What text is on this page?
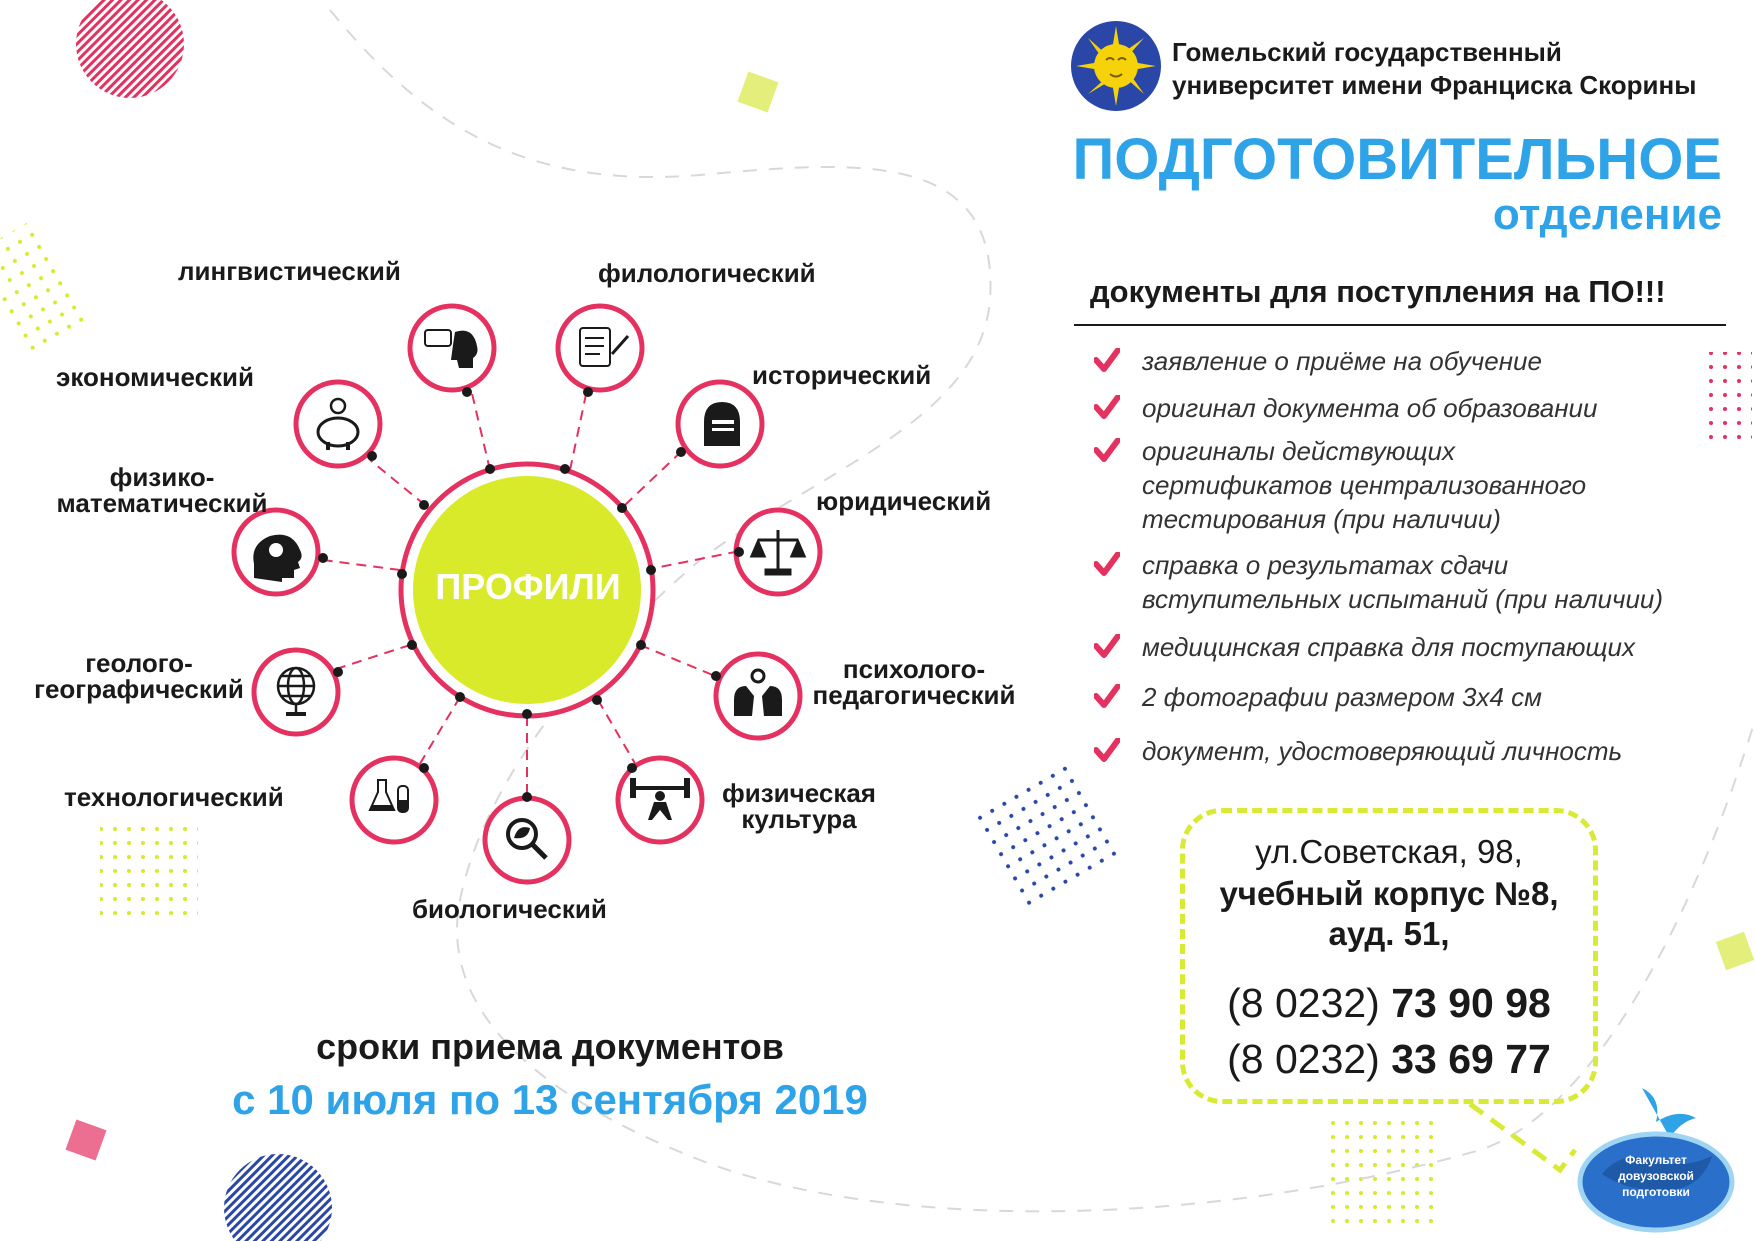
Гомельский государственный
университет имени Франциска Скорины
ПОДГОТОВИТЕЛЬНОЕ
отделение
документы для поступления на ПО!!!
заявление о приёме на обучение
оригинал документа об образовании
оригиналы действующих сертификатов централизованного тестирования (при наличии)
справка о результатах сдачи вступительных испытаний (при наличии)
медицинская справка для поступающих
2 фотографии размером 3х4 см
документ, удостоверяющий личность
ул.Советская, 98,
учебный корпус №8,
ауд. 51,
(8 0232) 73 90 98
(8 0232) 33 69 77
ПРОФИЛИ
лингвистический	филологический
исторический
юридический
психолого-
педагогический
физическая
культура
биологический
технологический
геолого-
географический
физико-
математический
экономический
сроки приема документов
с 10 июля по 13 сентября 2019
Факультет
довузовской
подготовки
